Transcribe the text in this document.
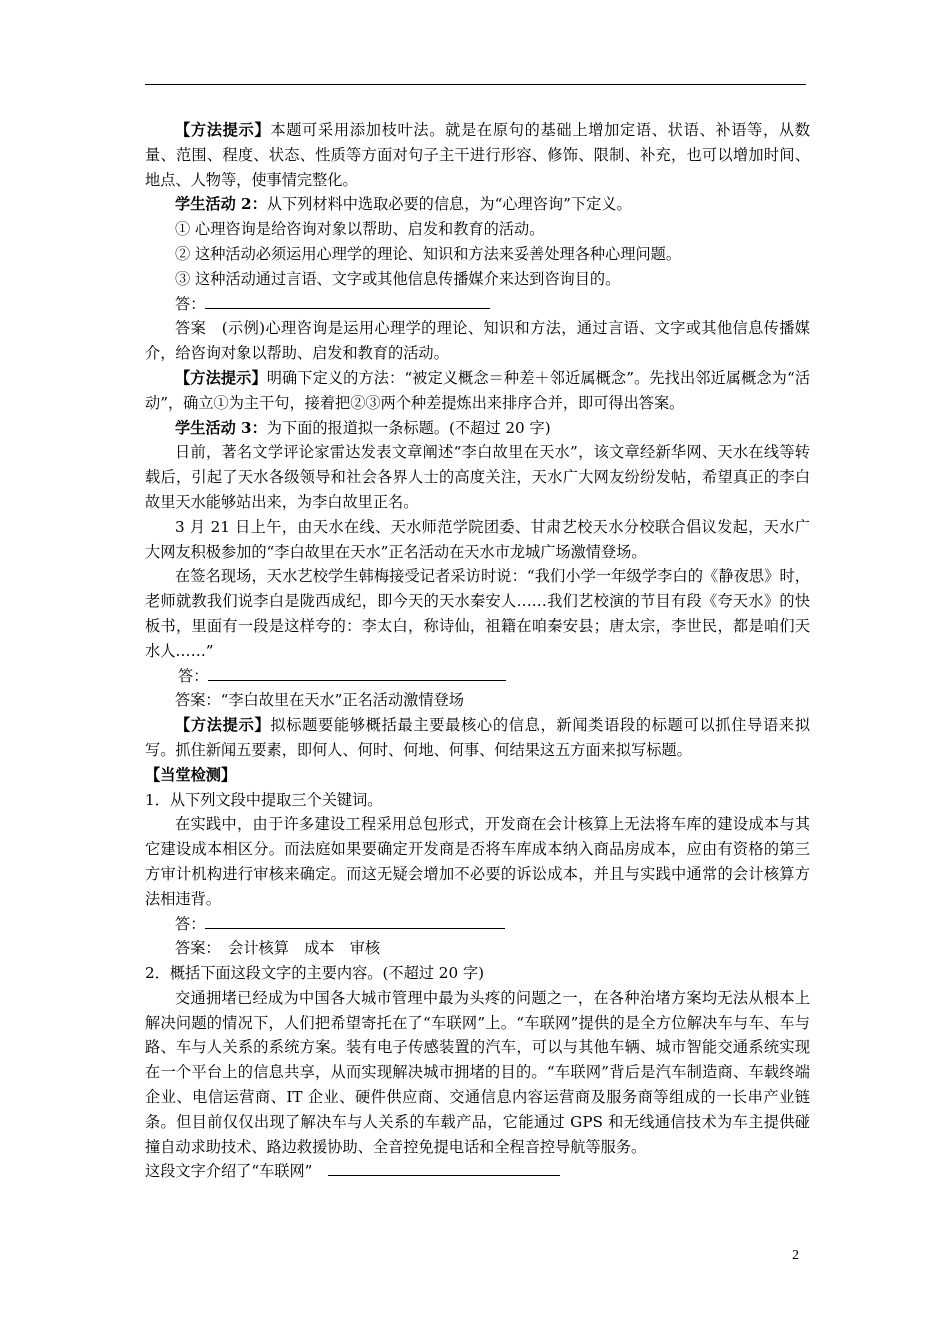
【方法提示】本题可采用添加枝叶法。就是在原句的基础上增加定语、状语、补语等，从数量、范围、程度、状态、性质等方面对句子主干进行形容、修饰、限制、补充，也可以增加时间、地点、人物等，使事情完整化。

学生活动 2：从下列材料中选取必要的信息，为“心理咨询”下定义。

① 心理咨询是给咨询对象以帮助、启发和教育的活动。

② 这种活动必须运用心理学的理论、知识和方法来妥善处理各种心理问题。

③ 这种活动通过言语、文字或其他信息传播媒介来达到咨询目的。

答：

答案　(示例)心理咨询是运用心理学的理论、知识和方法，通过言语、文字或其他信息传播媒介，给咨询对象以帮助、启发和教育的活动。

【方法提示】明确下定义的方法：“被定义概念＝种差＋邻近属概念”。先找出邻近属概念为“活动”，确立①为主干句，接着把②③两个种差提炼出来排序合并，即可得出答案。

学生活动 3：为下面的报道拟一条标题。(不超过 20 字)

日前，著名文学评论家雷达发表文章阐述“李白故里在天水”，该文章经新华网、天水在线等转载后，引起了天水各级领导和社会各界人士的高度关注，天水广大网友纷纷发帖，希望真正的李白故里天水能够站出来，为李白故里正名。

3 月 21 日上午，由天水在线、天水师范学院团委、甘肃艺校天水分校联合倡议发起，天水广大网友积极参加的“李白故里在天水”正名活动在天水市龙城广场激情登场。

在签名现场，天水艺校学生韩梅接受记者采访时说：“我们小学一年级学李白的《静夜思》时，老师就教我们说李白是陇西成纪，即今天的天水秦安人……我们艺校演的节目有段《夸天水》的快板书，里面有一段是这样夸的：李太白，称诗仙，祖籍在咱秦安县；唐太宗，李世民，都是咱们天水人……”

答：

答案：“李白故里在天水”正名活动激情登场

【方法提示】拟标题要能够概括最主要最核心的信息，新闻类语段的标题可以抓住导语来拟写。抓住新闻五要素，即何人、何时、何地、何事、何结果这五方面来拟写标题。

【当堂检测】

1．从下列文段中提取三个关键词。

在实践中，由于许多建设工程采用总包形式，开发商在会计核算上无法将车库的建设成本与其它建设成本相区分。而法庭如果要确定开发商是否将车库成本纳入商品房成本，应由有资格的第三方审计机构进行审核来确定。而这无疑会增加不必要的诉讼成本，并且与实践中通常的会计核算方法相违背。

答：

答案：　会计核算　成本　审核

2．概括下面这段文字的主要内容。(不超过 20 字)

交通拥堵已经成为中国各大城市管理中最为头疼的问题之一，在各种治堵方案均无法从根本上解决问题的情况下，人们把希望寄托在了“车联网”上。“车联网”提供的是全方位解决车与车、车与路、车与人关系的系统方案。装有电子传感装置的汽车，可以与其他车辆、城市智能交通系统实现在一个平台上的信息共享，从而实现解决城市拥堵的目的。“车联网”背后是汽车制造商、车载终端企业、电信运营商、IT 企业、硬件供应商、交通信息内容运营商及服务商等组成的一长串产业链条。但目前仅仅出现了解决车与人关系的车载产品，它能通过 GPS 和无线通信技术为车主提供碰撞自动求助技术、路边救援协助、全音控免提电话和全程音控导航等服务。

这段文字介绍了“车联网”

2
